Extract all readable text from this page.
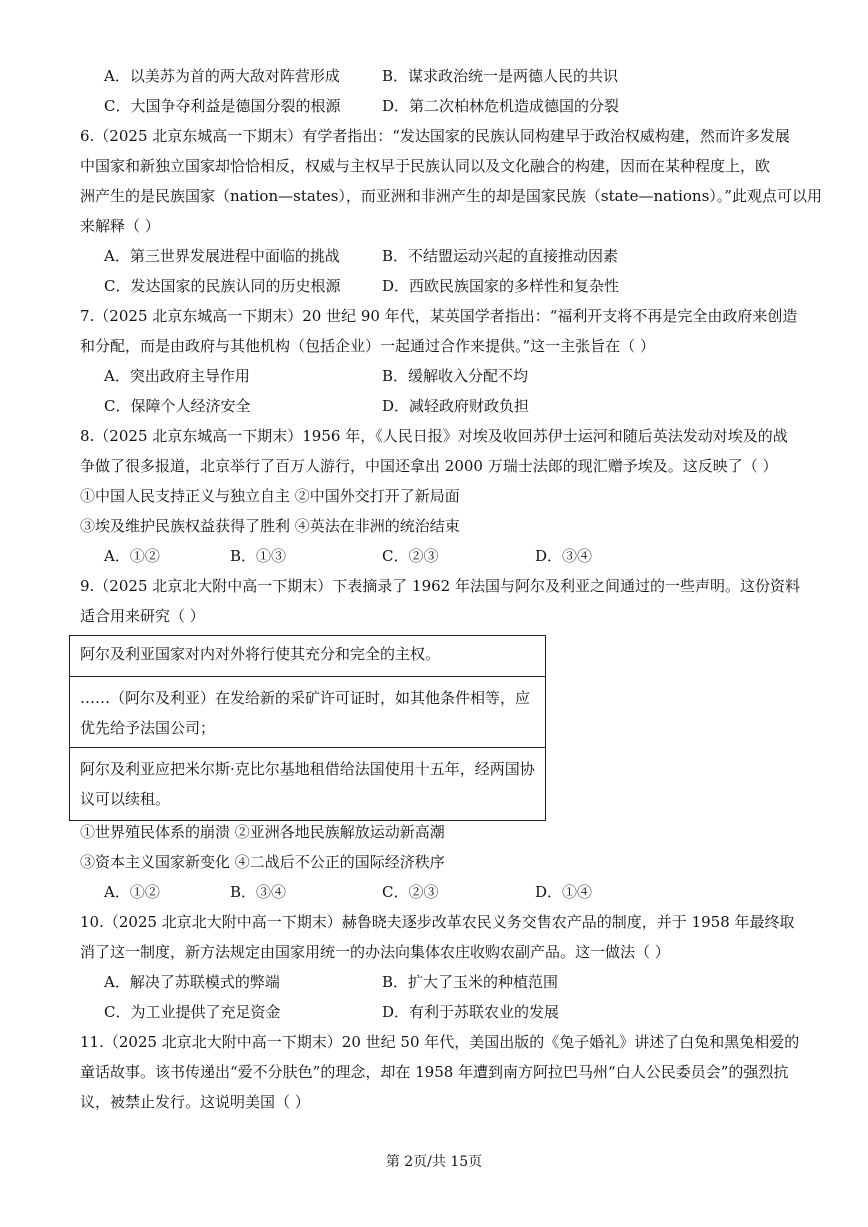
A．以美苏为首的两大敌对阵营形成	B．谋求政治统一是两德人民的共识
C．大国争夺利益是德国分裂的根源	D．第二次柏林危机造成德国的分裂
6.（2025 北京东城高一下期末）有学者指出：“发达国家的民族认同构建早于政治权威构建，然而许多发展
中国家和新独立国家却恰恰相反，权威与主权早于民族认同以及文化融合的构建，因而在某种程度上，欧
洲产生的是民族国家（nation—states），而亚洲和非洲产生的却是国家民族（state—nations）。”此观点可以用
来解释（ ）
A．第三世界发展进程中面临的挑战	B．不结盟运动兴起的直接推动因素
C．发达国家的民族认同的历史根源	D．西欧民族国家的多样性和复杂性
7.（2025 北京东城高一下期末）20 世纪 90 年代，某英国学者指出：“福利开支将不再是完全由政府来创造
和分配，而是由政府与其他机构（包括企业）一起通过合作来提供。”这一主张旨在（ ）
A．突出政府主导作用	B．缓解收入分配不均
C．保障个人经济安全	D．减轻政府财政负担
8.（2025 北京东城高一下期末）1956 年，《人民日报》对埃及收回苏伊士运河和随后英法发动对埃及的战
争做了很多报道，北京举行了百万人游行，中国还拿出 2000 万瑞士法郎的现汇赠予埃及。这反映了（ ）
①中国人民支持正义与独立自主 ②中国外交打开了新局面
③埃及维护民族权益获得了胜利 ④英法在非洲的统治结束
A．①②	B．①③	C．②③	D．③④
9.（2025 北京北大附中高一下期末）下表摘录了 1962 年法国与阿尔及利亚之间通过的一些声明。这份资料
适合用来研究（ ）
阿尔及利亚国家对内对外将行使其充分和完全的主权。
……（阿尔及利亚）在发给新的采矿许可证时，如其他条件相等，应
优先给予法国公司；
阿尔及利亚应把米尔斯·克比尔基地租借给法国使用十五年，经两国协
议可以续租。
①世界殖民体系的崩溃 ②亚洲各地民族解放运动新高潮
③资本主义国家新变化 ④二战后不公正的国际经济秩序
A．①②	B．③④	C．②③	D．①④
10.（2025 北京北大附中高一下期末）赫鲁晓夫逐步改革农民义务交售农产品的制度，并于 1958 年最终取
消了这一制度，新方法规定由国家用统一的办法向集体农庄收购农副产品。这一做法（ ）
A．解决了苏联模式的弊端	B．扩大了玉米的种植范围
C．为工业提供了充足资金	D．有利于苏联农业的发展
11.（2025 北京北大附中高一下期末）20 世纪 50 年代，美国出版的《兔子婚礼》讲述了白兔和黑兔相爱的
童话故事。该书传递出“爱不分肤色”的理念，却在 1958 年遭到南方阿拉巴马州“白人公民委员会”的强烈抗
议，被禁止发行。这说明美国（ ）
第 2页/共 15页
